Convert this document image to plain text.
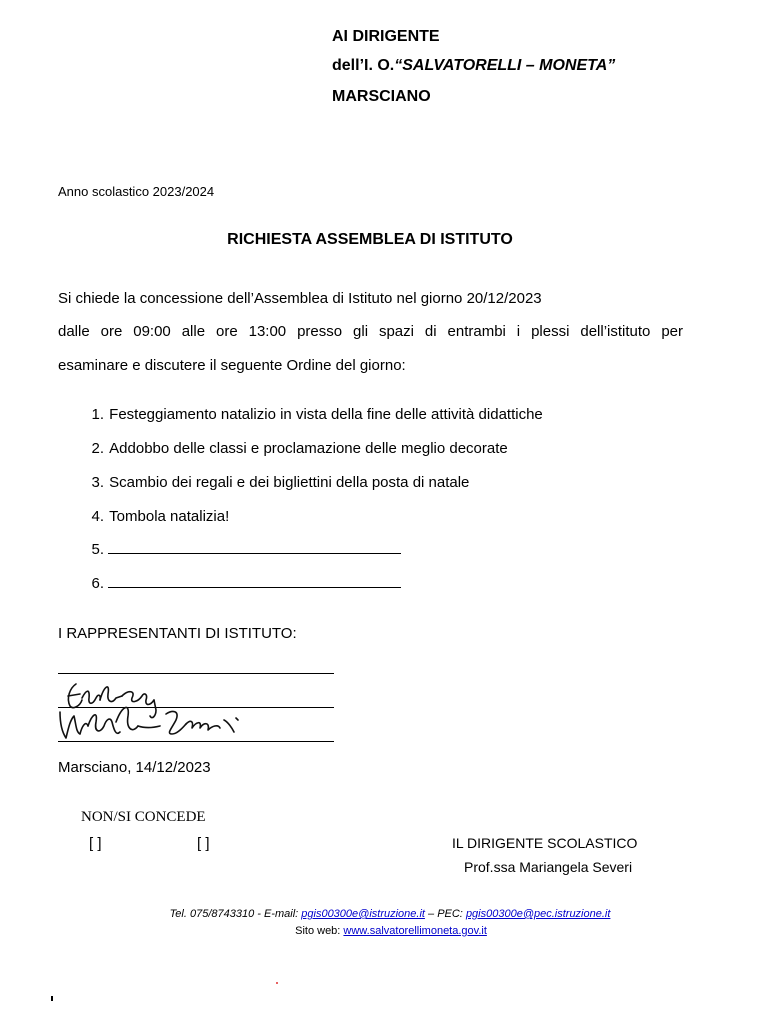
AI DIRIGENTE
dell’I. O.“SALVATORELLI – MONETA”
MARSCIANO
Anno scolastico 2023/2024
RICHIESTA ASSEMBLEA DI ISTITUTO
Si chiede la concessione dell’Assemblea di Istituto nel giorno 20/12/2023
dalle ore 09:00 alle ore 13:00 presso gli spazi di entrambi i plessi dell’istituto per
esaminare e discutere il seguente Ordine del giorno:
1. Festeggiamento natalizio in vista della fine delle attività didattiche
2. Addobbo delle classi e proclamazione delle meglio decorate
3. Scambio dei regali e dei bigliettini della posta di natale
4. Tombola natalizia!
5.
6.
I RAPPRESENTANTI DI ISTITUTO:
Marsciano, 14/12/2023
NON/SI CONCEDE
[ ]	[ ]	IL DIRIGENTE SCOLASTICO
Prof.ssa Mariangela Severi
Tel. 075/8743310 - E-mail: pgis00300e@istruzione.it – PEC: pgis00300e@pec.istruzione.it
Sito web: www.salvatorellimoneta.gov.it
